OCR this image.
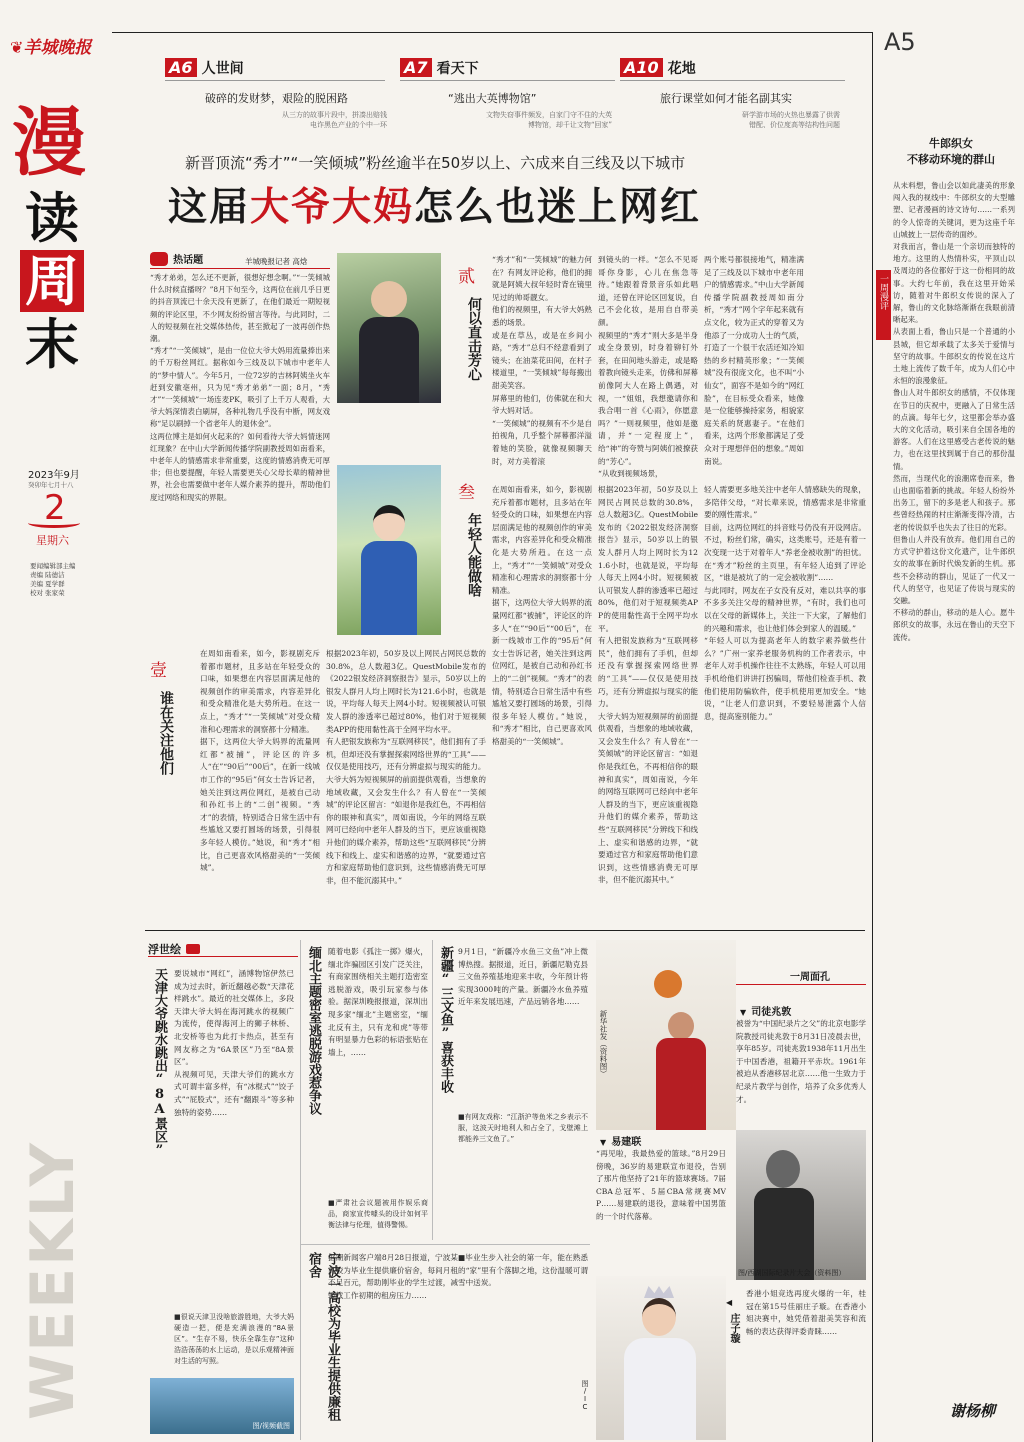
❦羊城晚报	A5
A6 人世间
破碎的发财梦，艰险的脱困路
从三方的故事片段中，拼凑出赔钱
电诈黑色产业的个中一环
A7 看天下
“逃出大英博物馆”
文物失窃事件频发，自家门守不住的大英
博物馆，却千让文物“回家”
A10 花地
旅行课堂如何才能名副其实
研学游市场的火热也暴露了供需
错配、价位度高等结构性问题
漫
读
周
末
2023年9月
癸卯年七月十八
2
星期六
要闻编辑部主编
责编 陆德洁
美编 夏学群
校对 张家荣
WEEKLY
新晋顶流“秀才”“一笑倾城”粉丝逾半在50岁以上、六成来自三线及以下城市
这届大爷大妈怎么也迷上网红
热话题	羊城晚报记者 高焓
“秀才弟弟，怎么还不更新，很想好想念啊。”“一笑倾城什么时候直播呀？”8月下旬至今，这两位在前几乎日更的抖音顶流已十余天没有更新了，在他们最近一期短视频的评论区里，不少网友纷纷留言等待。与此同时，二人的短视频在社交媒体热传，甚至掀起了一波再创作热潮。
“秀才”“一笑倾城”，是由一位位大爷大妈用流量捧出来的千万粉丝网红。据称如今三线及以下城市中老年人的“梦中情人”。今年5月，一位72岁的吉林阿姨坐火车赶到安徽亳州，只为见“秀才弟弟”一面；8月，“秀才”“一笑倾城”一场连麦PK，吸引了上千万人观看，大爷大妈深情表白刷屏，各种礼物几乎没有中断，网友戏称“足以刷掉一个省老年人的退休金”。
这两位博主是如何火起来的？如何看待大爷大妈情迷网红现象？在中山大学新闻传播学院副教授周如南看来，中老年人的情感需求非常重要，这度的情感消费无可厚非；但也要提醒，年轻人需要更关心父母长辈的精神世界，社会也需要做中老年人媒介素养的提升，帮助他们度过网络和现实的界限。
贰
何以直击芳心
叁
年轻人能做啥
壹
谁在关注他们
“秀才”和“一笑倾城”的魅力何在？有网友评论称，他们的拥就是阿姨大叔年轻时背在镜里见过的帅哥靓女。
他们的视频里，有大爷大妈熟悉的场景。
或是在草丛，或是在乡间小路，“秀才”总归不经意看到了镜头；在油菜花田间，在村子楼道里，“一笑倾城”每每搬出甜美笑容。
屏幕里的他们，仿佛就在和大爷大妈对话。
“一笑倾城”的视频有不少是自拍视角，几乎整个屏幕都洋溢着她的笑脸，就像视频聊天时，对方美着滚
到镜头的一样。“怎么不见哥哥你身影，心儿在焦急等待。”她跟着背景音乐如此唱道，还曾在评论区回复说，自己不会化妆，是用自自带美颜。
视频里的“秀才”则大多是半身或全身景别，时身着铆钉外套，在田间地头游走，或是略着教向镜头走来，仿佛和屏幕前像阿大人在路上偶遇，对视，一“姐姐，我想邀请你和我合唱一首《心雨》，你愿意吗？”一则视频里，他如是邀请，并“一定程度上”，给“神”的夸赞与阿姨们被撩获的“芳心”。
“从收到视频场景，
两个账号都很接地气，精准满足了三线及以下城市中老年用户的情感需求。”中山大学新闻传播学院副教授周如南分析，“秀才”网个字年起来就有点文化，较为正式的穿着又为他添了一分成功人士的气质，打造了一个很干农活还知冷知热的乡村精英形象；“一笑倾城”没有很庞文化，也不叫“小仙女”，面容不是如今的“网红脸”，在目标受众看来，她像是一位能够操持家务，相貌家庭关系的贤惠妻子。“在他们看来，这两个形象都满足了受众对于理想伴侣的想象。”周如南说。
在周如南看来，如今，影视剧充斥着都市题材，且多站在年轻受众的口味，如果想在内容层面满足他的视频创作的审美需求，内容差异化和受众精准化是大势所趋。在这一点上，“秀才”“一笑倾城”对受众精准和心理需求的洞察都十分精准。
据下，这两位大爷大妈界的流量网红都“被捕”，评论区的许多人“在”“90后”“00后”，在新一线城市工作的“95后”何女士告诉记者，她关注到这两位网红，是被自己动和孙红书上的“二创”视频。“秀才”的表情，特别适合日常生活中有些尴尬又要打圆场的场景，引得很多年轻人模仿。”她说，和“秀才”相比，自己更喜欢风格甜美的“一笑倾城”。
根据2023年初，50岁及以上网民占网民总数的30.8%，总人数超3亿。QuestMobile发布的《2022银发经济洞察报告》显示，50岁以上的银发人群月人均上网时长为121.6小时，也就是说，平均每人每天上网4小时。短视频被认可银发人群的渗透率已超过80%，他们对于短视频类APP的使用黏性高于全网平均水平。
有人把银发族称为“互联网移民”，他们拥有了手机，但却还没有掌握探索网络世界的“工具”——仅仅是使用技巧，还有分辨虚拟与现实的能力。
大爷大妈为短视频屏的前面提供观看，当想象的地域收藏，又会发生什么？有人曾在“一笑倾城”的评论区留言：“如退你是我红色，不再相信你的眼神和真实”，周如南说，今年的网络互联网可已经向中老年人群及的当下，更应该重视隐升他们的媒介素养，帮助这些“互联网移民”分辨线下和线上、虚实和谐感的边界，“就要通过官方和家庭帮助他们意识到，这些情感消费无可厚非，但不能沉溺其中。”
轻人需要更多地关注中老年人情感缺失的现象，多陪伴父母，“对长辈来说，情感需求是非常重要的刚性需求。”
目前，这两位网红的抖音账号仍没有开设网店。不过，粉丝们常，确实，这类账号，还是有着一次变现一达于对着年人“养老金被收割”的担忧。在“秀才”粉丝的主页里，有年轻人追到了评论区，“谁是被坑了的一定会被收割”……
与此同时，网友在子女没有反对，难以共享的事不多多关注父母的精神世界，“有时，我们也可以在父母的新媒体上，关注一下大家，了解他们的兴趣和需求，也让他们体会到家人的温暖。”
“年轻人可以为提高老年人的数字素养做些什么？”广州一家养老服务机构的工作者表示，中老年人对手机操作往往不太熟练，年轻人可以用手机给他们讲讲打拐骗局，帮他们检查手机、教他们使用防骗软件，使手机使用更加安全。“她说，“让老人们意识到，不要轻易泄露个人信息，提高鉴别能力。”
在周如南看来，如今，影视剧充斥着都市题材，且多站在年轻受众的口味，如果想在内容层面满足他的视频创作的审美需求，内容差异化和受众精准化是大势所趋。在这一点上，“秀才”“一笑倾城”对受众精准和心理需求的洞察都十分精准。
据下，这两位大爷大妈界的流量网红都“被捕”，评论区的许多人“在”“90后”“00后”，在新一线城市工作的“95后”何女士告诉记者，她关注到这两位网红，是被自己动和孙红书上的“二创”视频。“秀才”的表情，特别适合日常生活中有些尴尬又要打圆场的场景，引得很多年轻人模仿。”她说，和“秀才”相比，自己更喜欢风格甜美的“一笑倾城”。
根据2023年初，50岁及以上网民占网民总数的30.8%，总人数超3亿。QuestMobile发布的《2022银发经济洞察报告》显示，50岁以上的银发人群月人均上网时长为121.6小时，也就是说，平均每人每天上网4小时。短视频被认可银发人群的渗透率已超过80%，他们对于短视频类APP的使用黏性高于全网平均水平。
有人把银发族称为“互联网移民”，他们拥有了手机，但却还没有掌握探索网络世界的“工具”——仅仅是使用技巧，还有分辨虚拟与现实的能力。
大爷大妈为短视频屏的前面提供观看，当想象的地域收藏，又会发生什么？有人曾在“一笑倾城”的评论区留言：“如退你是我红色，不再相信你的眼神和真实”，周如南说，今年的网络互联网可已经向中老年人群及的当下，更应该重视隐升他们的媒介素养，帮助这些“互联网移民”分辨线下和线上、虚实和谐感的边界，“就要通过官方和家庭帮助他们意识到，这些情感消费无可厚非，但不能沉溺其中。”
浮世绘
天津大爷跳水跳出“8A景区” 要说城市“网红”，涵博物馆伊然已成为过去时，新近翻越必数“天津花样跳水”。最近的社交媒体上，多段天津大爷大妈在海河跳水的视频广为流传，使得海河上的狮子林桥、北安桥等也为此打卡热点，甚至有网友称之为“6A景区”乃至“8A景区”。
从视频可见，天津大爷们的跳水方式可谓丰富多样，有“冰棍式”“饺子式”“屁股式”，还有“翻跟斗”等多种独特的姿势……
■很说天津卫没啥旅游胜地，大爷大妈硬造一把，便是充满浪漫的“8A景区”。“生存不易，快乐全靠生存”这种浩浩荡荡的水上运动，是以乐观精神面对生活的写照。
图/视频截图
缅北主题密室逃脱游戏惹争议 随着电影《孤注一掷》爆火，缅北诈骗园区引发广泛关注，有商家围绕相关主题打造密室逃脱游戏，吸引玩家参与体验。据深圳晚报报道，深圳出现多家“缅北”主题密室，“缅北反有主，只有龙和虎”等带有明显暴力色彩的标语张贴在墙上，……
■严肃社会议题被用作娱乐商品，商家宣传噱头的设计如何平衡法律与伦理，值得警惕。
新疆“三文鱼”喜获丰收 9月1日，“新疆冷水鱼三文鱼”冲上微博热搜。据报道，近日，新疆尼勒克县三文鱼养殖基地迎来丰收，今年预计将实现3000吨的产量。新疆冷水鱼养殖近年来发展迅速，产品远销各地……
■有网友戏称：“江浙沪等鱼米之乡表示不服，这波天时地利人和占全了，戈壁滩上都能养三文鱼了。”
宁波一高校为毕业生提供廉租宿舍 据潮新闻客户端8月28日报道，宁波某高校为毕业生提供廉价宿舍，每间月租不足百元，帮助刚毕业的学生过渡，减轻找工作初期的租房压力……
■毕业生步入社会的第一年，能在熟悉的“家”里有个落脚之地，这份温暖可谓雪中送炭。
一周面孔
新华社发（资料图）
▼ 易建联
“再见啦，我最热爱的篮球。”8月29日傍晚，36岁的易建联宣布退役，告别了那片他坚持了21年的篮球赛场。7届CBA总冠军、5届CBA常规赛MVP……易建联的退役，意味着中国男篮的一个时代落幕。
▼ 司徒兆敦
被誉为“中国纪录片之父”的北京电影学院教授司徒兆敦于8月31日凌晨去世，享年85岁。司徒兆敦1938年11月出生于中国香港，祖籍开平赤坎。1961年被迫从香港移居北京……他一生致力于纪录片教学与创作，培养了众多优秀人才。
图/西湖国际纪录片大会（资料图）
图/IC
◀
庄子璇
香港小姐竞选再度火爆的一年，桂冠在第15号佳丽庄子璇。在香港小姐决赛中，她凭借着甜美笑容和流畅的表达获得评委青睐……
一周漫评
牛郎织女
不移动环境的群山
从未料想，鲁山会以如此凄美的形象闯入我的视线中：牛郎织女的大型雕塑、记者漫画的诗文诗句……一系列的令人惊奇的关键词，更为这座千年山城披上一层传奇的面纱。
对我而言，鲁山是一个亲切而独特的地方。这里的人热情朴实，平顶山以及周边的各位都好于这一份相同的故事。大约七年前，我在这里开始采访，随着对牛郎织女传说的深入了解，鲁山的文化脉络渐渐在我眼前清晰起来。
从表面上看，鲁山只是一个普通的小县城，但它却承载了太多关于爱情与坚守的故事。牛郎织女的传说在这片土地上流传了数千年，成为人们心中永恒的浪漫象征。
鲁山人对牛郎织女的感情，不仅体现在节日的庆祝中，更融入了日常生活的点滴。每年七夕，这里都会举办盛大的文化活动，吸引来自全国各地的游客。人们在这里感受古老传说的魅力，也在这里找到属于自己的那份温情。
然而，当现代化的浪潮席卷而来，鲁山也面临着新的挑战。年轻人纷纷外出务工，留下的多是老人和孩子。那些曾经热闹的村庄渐渐变得冷清，古老的传说似乎也失去了往日的光彩。
但鲁山人并没有放弃。他们用自己的方式守护着这份文化遗产，让牛郎织女的故事在新时代焕发新的生机。那些不会移动的群山，见证了一代又一代人的坚守，也见证了传说与现实的交融。
不移动的群山，移动的是人心。愿牛郎织女的故事，永远在鲁山的天空下流传。
谢杨柳
